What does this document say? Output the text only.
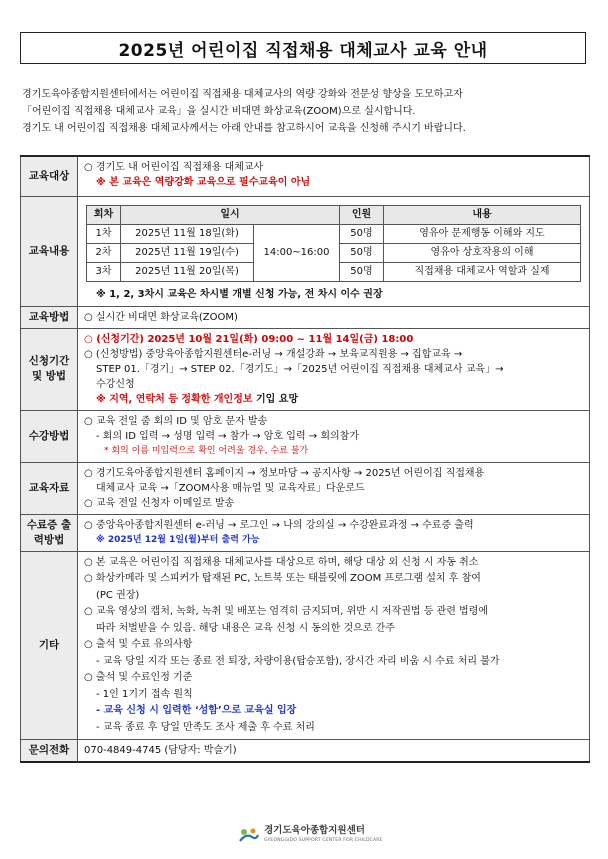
2025년 어린이집 직접채용 대체교사 교육 안내

경기도육아종합지원센터에서는 어린이집 직접채용 대체교사의 역량 강화와 전문성 향상을 도모하고자

「어린이집 직접채용 대체교사 교육」을 실시간 비대면 화상교육(ZOOM)으로 실시합니다.

경기도 내 어린이집 직접채용 대체교사께서는 아래 안내를 참고하시어 교육을 신청해 주시기 바랍니다.

교육대상	
○ 경기도 내 어린이집 직접채용 대체교사
※ 본 교육은 역량강화 교육으로 필수교육이 아님

교육내용	
회차	일시	인원	내용
1차	2025년 11월 18일(화)	14:00~16:00	50명	영유아 문제행동 이해와 지도
2차	2025년 11월 19일(수)	50명	영유아 상호작용의 이해
3차	2025년 11월 20일(목)	50명	직접채용 대체교사 역할과 실제
※ 1, 2, 3차시 교육은 차시별 개별 신청 가능, 전 차시 이수 권장

교육방법	○ 실시간 비대면 화상교육(ZOOM)

신청기간 및 방법	
○ (신청기간) 2025년 10월 21일(화) 09:00 ~ 11월 14일(금) 18:00
○ (신청방법) 중앙육아종합지원센터e-러닝 → 개설강좌 → 보육교직원용 → 집합교육 →
STEP 01.「경기」→ STEP 02.「경기도」→「2025년 어린이집 직접채용 대체교사 교육」→
수강신청
※ 지역, 연락처 등 정확한 개인정보 기입 요망

수강방법	
○ 교육 전일 줌 회의 ID 및 암호 문자 발송
- 회의 ID 입력 → 성명 입력 → 참가 → 암호 입력 → 회의참가
* 회의 이름 미입력으로 확인 어려울 경우, 수료 불가

교육자료	
○ 경기도육아종합지원센터 홈페이지 → 정보마당 → 공지사항 → 2025년 어린이집 직접채용
대체교사 교육 →「ZOOM사용 매뉴얼 및 교육자료」다운로드
○ 교육 전일 신청자 이메일로 발송

수료증 출력방법	
○ 중앙육아종합지원센터 e-러닝 → 로그인 → 나의 강의실 → 수강완료과정 → 수료증 출력
※ 2025년 12월 1일(월)부터 출력 가능

기타	
○ 본 교육은 어린이집 직접채용 대체교사를 대상으로 하며, 해당 대상 외 신청 시 자동 취소
○ 화상카메라 및 스피커가 탑재된 PC, 노트북 또는 태블릿에 ZOOM 프로그램 설치 후 참여
(PC 권장)
○ 교육 영상의 캡처, 녹화, 녹취 및 배포는 엄격히 금지되며, 위반 시 저작권법 등 관련 법령에
따라 처벌받을 수 있음. 해당 내용은 교육 신청 시 동의한 것으로 간주
○ 출석 및 수료 유의사항
- 교육 당일 지각 또는 종료 전 퇴장, 차량이용(탑승포함), 장시간 자리 비움 시 수료 처리 불가
○ 출석 및 수료인정 기준
- 1인 1기기 접속 원칙
- 교육 신청 시 입력한 ‘성함’으로 교육실 입장
- 교육 종료 후 당일 만족도 조사 제출 후 수료 처리

문의전화	070-4849-4745 (담당자: 박슬기)
경기도육아종합지원센터
GYEONGGIDO SUPPORT CENTER FOR CHILDCARE
